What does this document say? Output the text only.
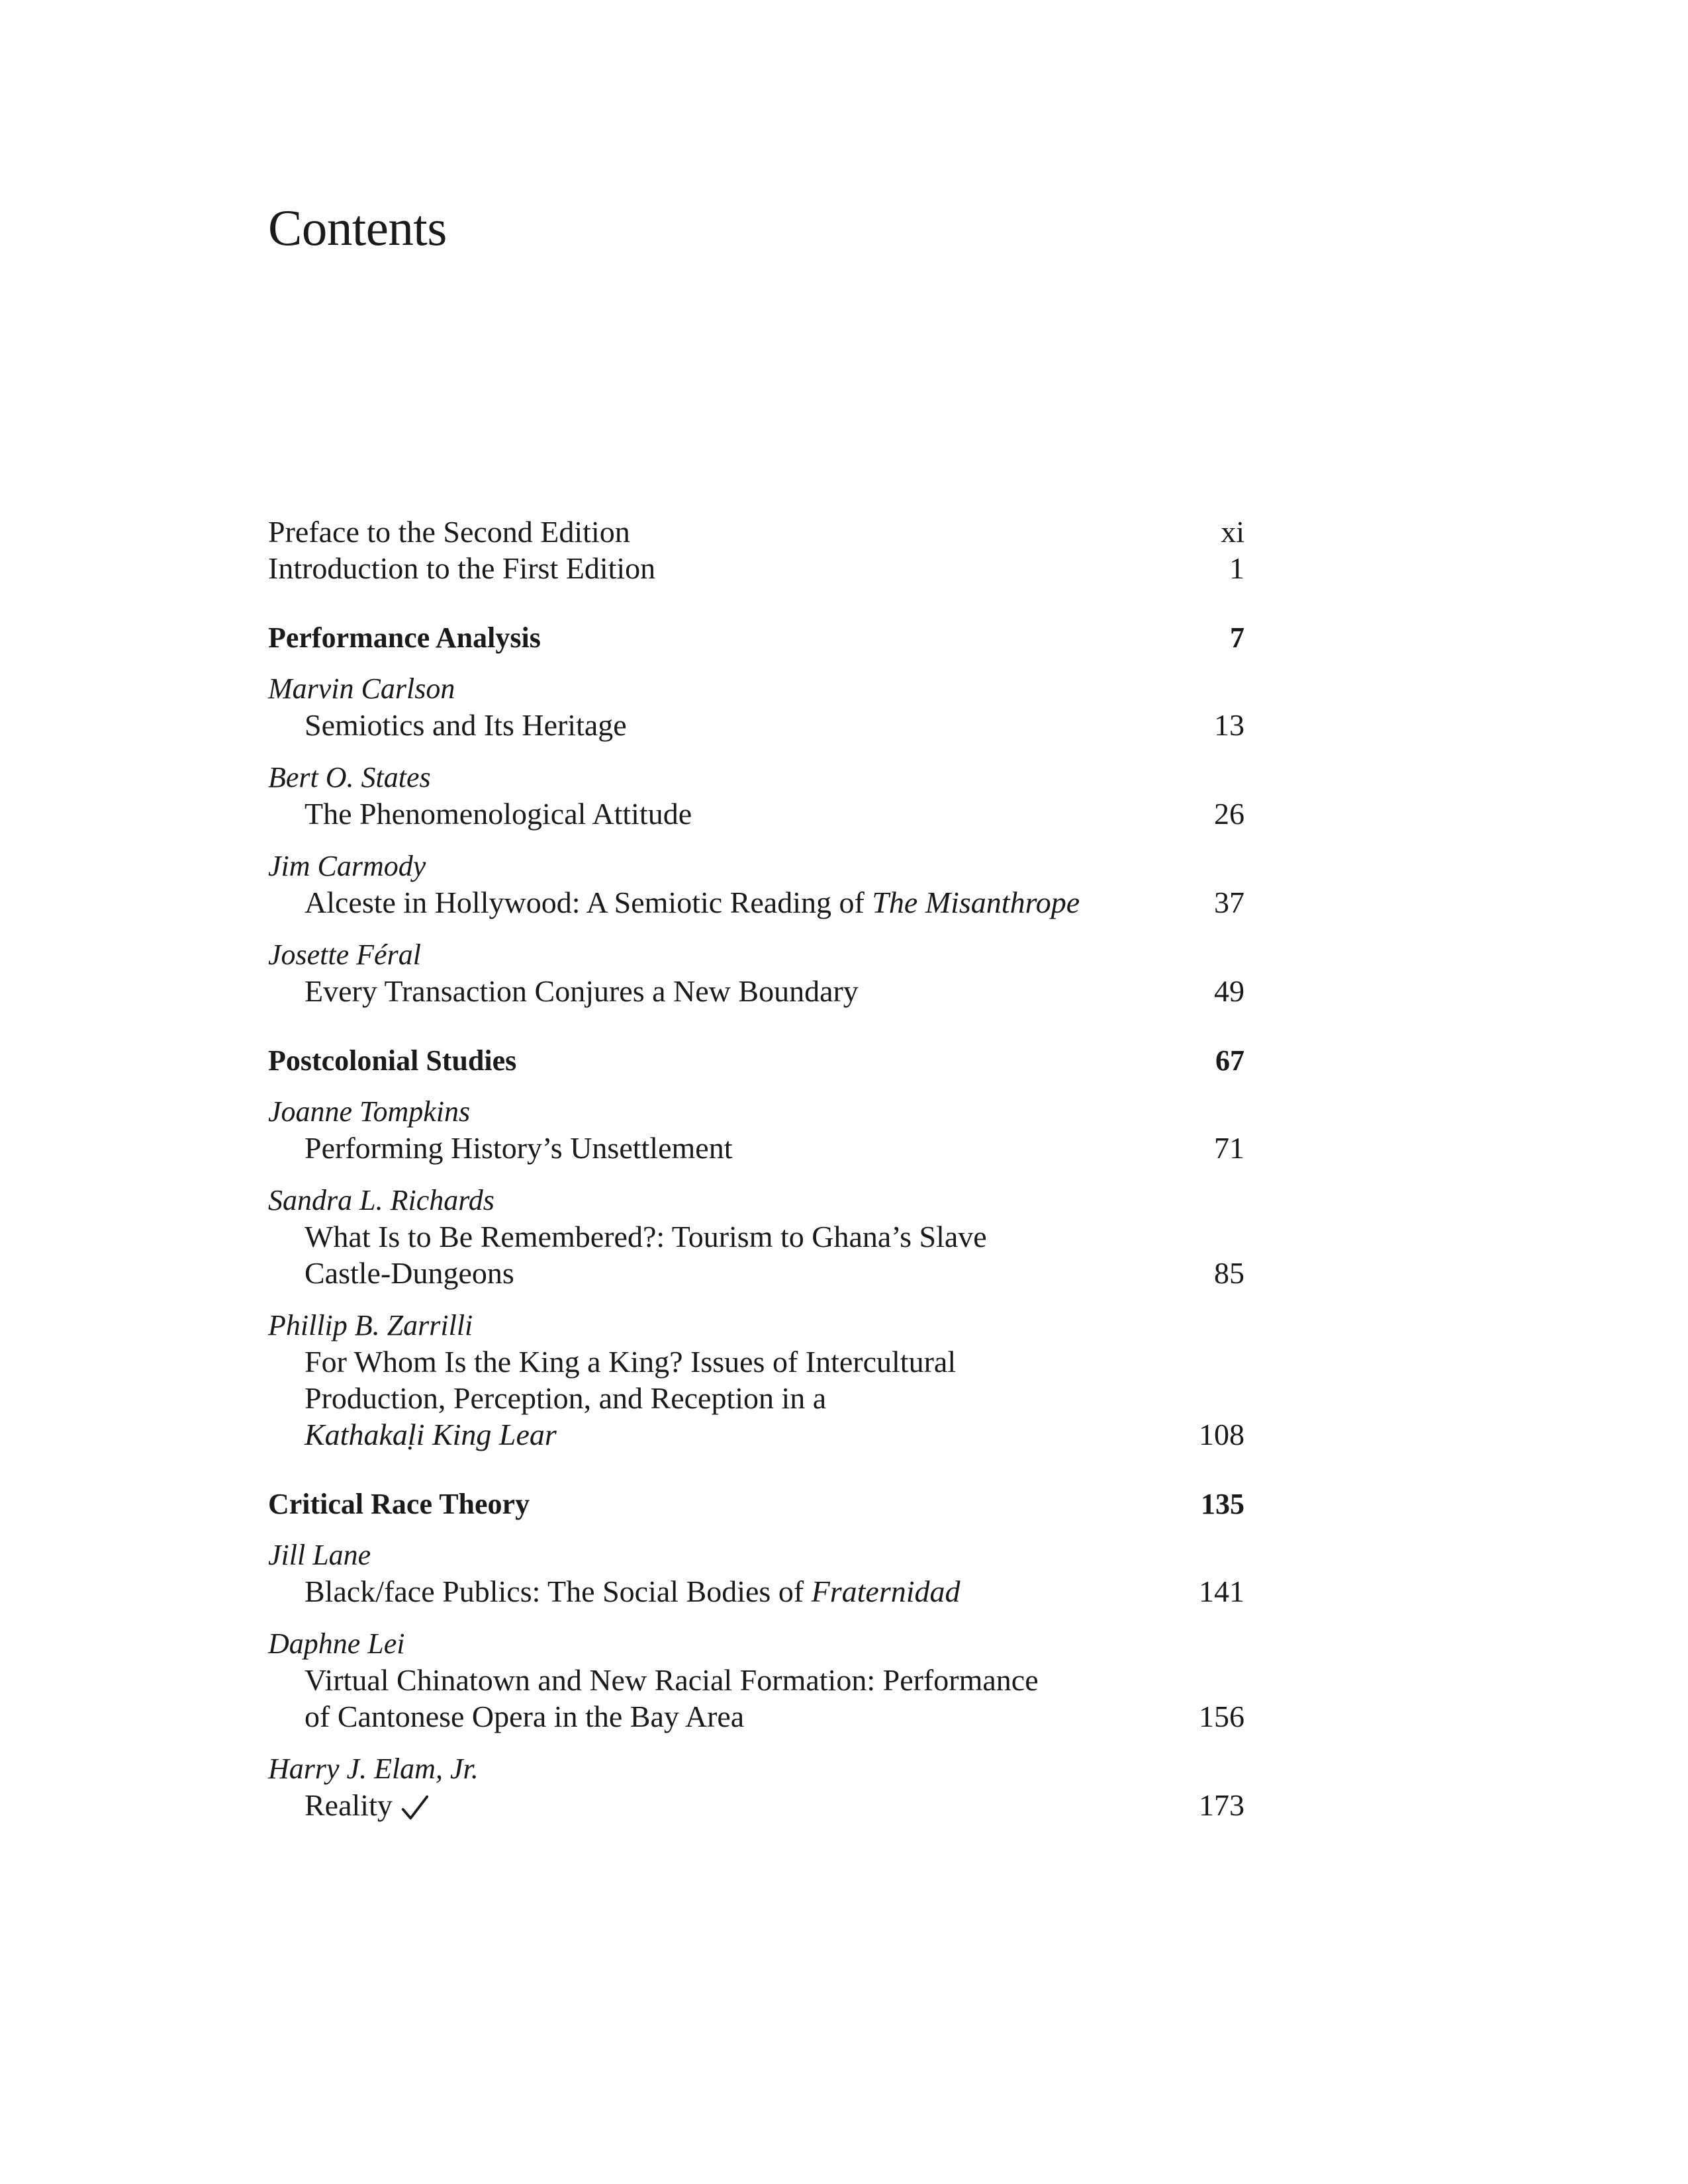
Contents
Preface to the Second Edition	xi
Introduction to the First Edition	1
Performance Analysis	7
Marvin Carlson
Semiotics and Its Heritage	13
Bert O. States
The Phenomenological Attitude	26
Jim Carmody
Alceste in Hollywood: A Semiotic Reading of The Misanthrope	37
Josette Féral
Every Transaction Conjures a New Boundary	49
Postcolonial Studies	67
Joanne Tompkins
Performing History’s Unsettlement	71
Sandra L. Richards
What Is to Be Remembered?: Tourism to Ghana’s Slave
Castle-Dungeons	85
Phillip B. Zarrilli
For Whom Is the King a King? Issues of Intercultural
Production, Perception, and Reception in a
Kathakaḷi King Lear	108
Critical Race Theory	135
Jill Lane
Black/face Publics: The Social Bodies of Fraternidad	141
Daphne Lei
Virtual Chinatown and New Racial Formation: Performance
of Cantonese Opera in the Bay Area	156
Harry J. Elam, Jr.
Reality	173
